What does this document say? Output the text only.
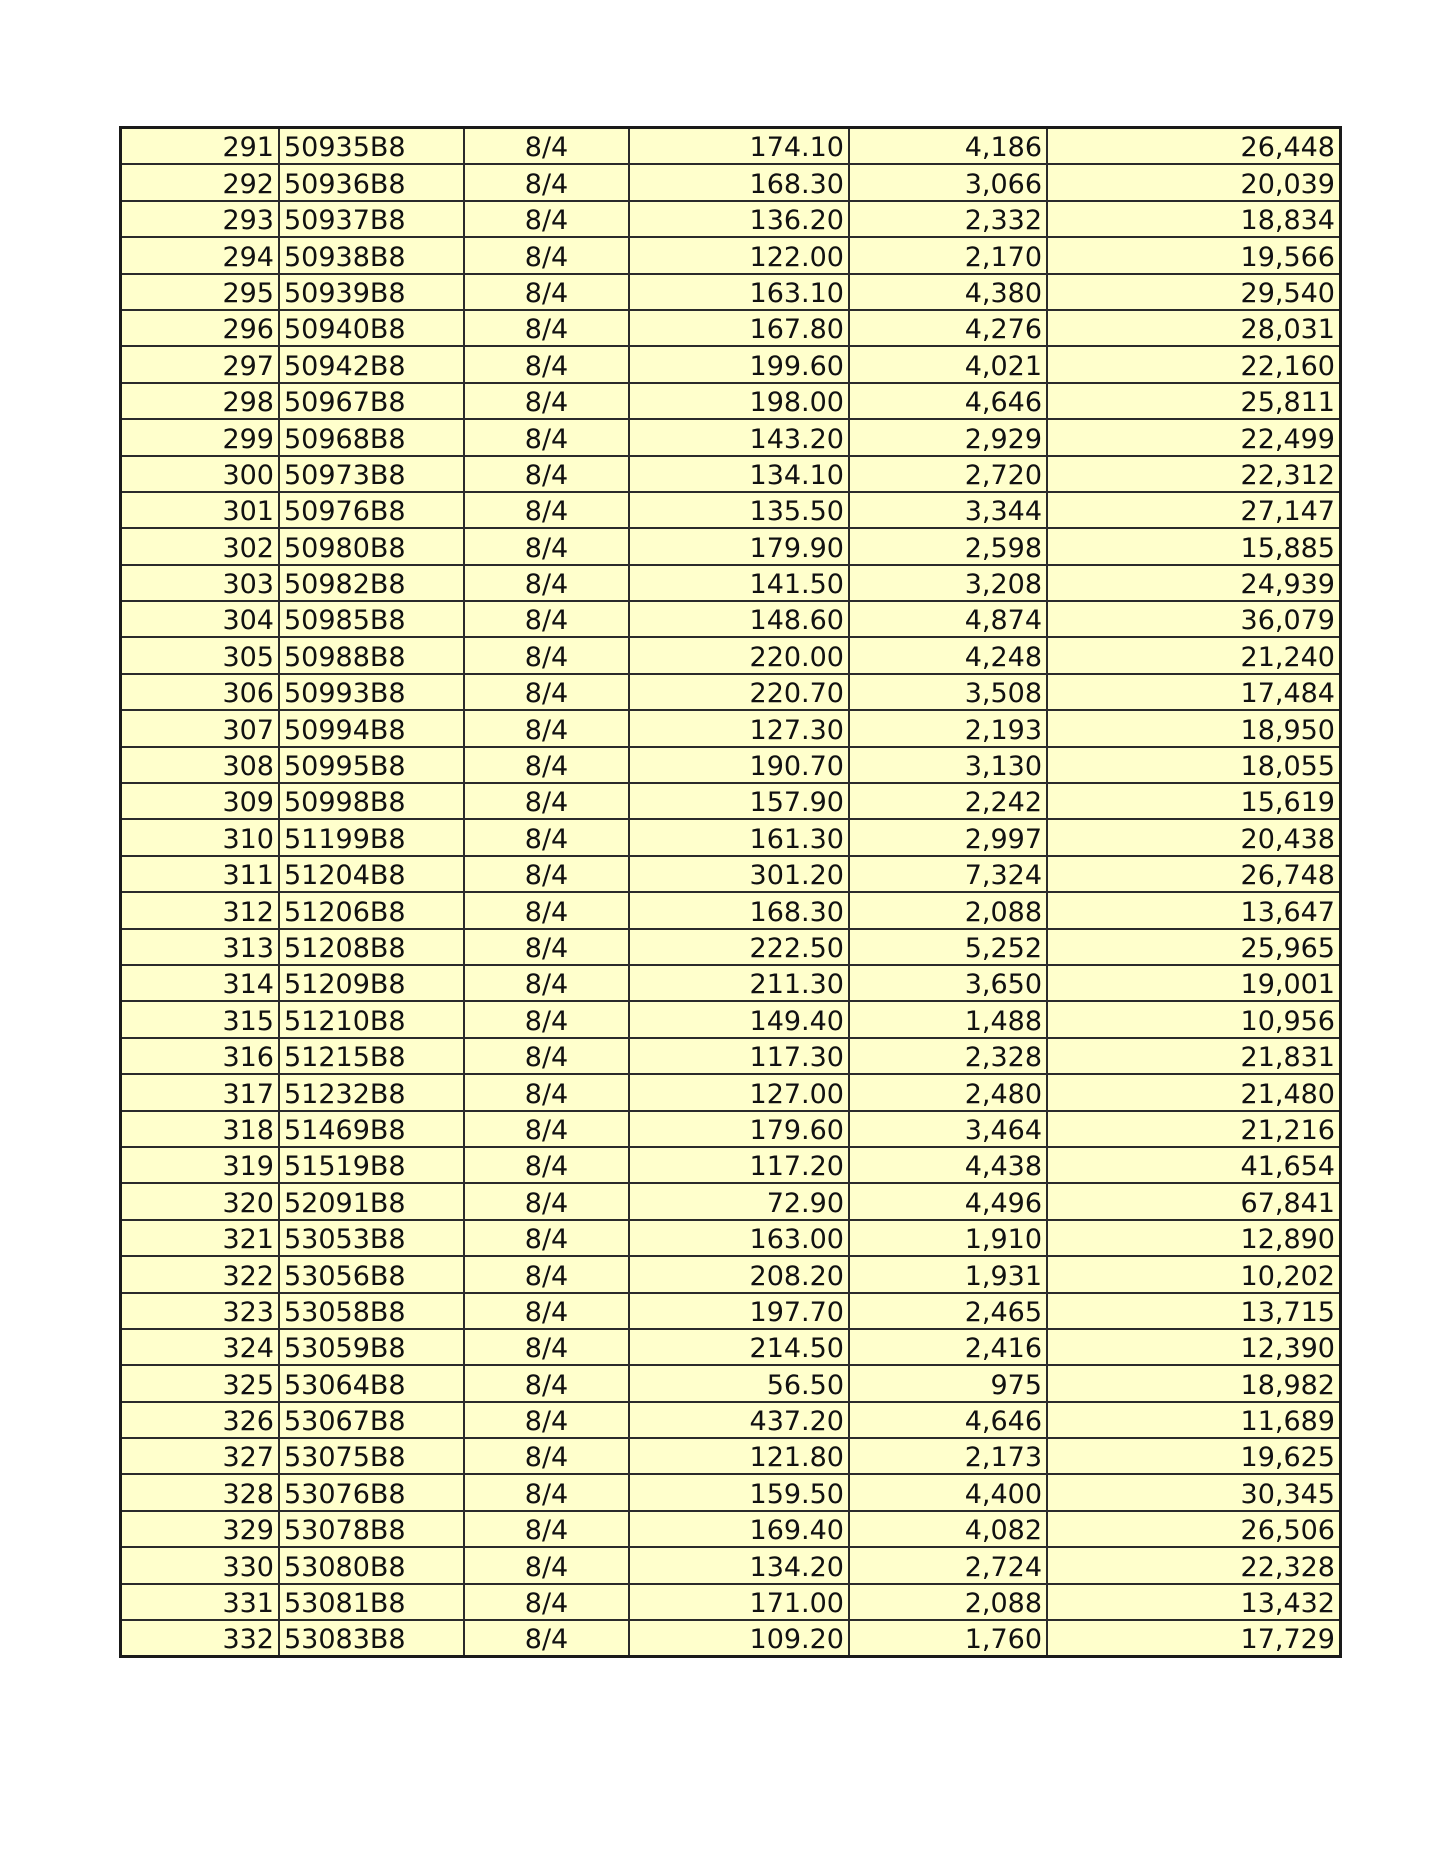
291	50935B8	8/4	174.10	4,186	26,448
292	50936B8	8/4	168.30	3,066	20,039
293	50937B8	8/4	136.20	2,332	18,834
294	50938B8	8/4	122.00	2,170	19,566
295	50939B8	8/4	163.10	4,380	29,540
296	50940B8	8/4	167.80	4,276	28,031
297	50942B8	8/4	199.60	4,021	22,160
298	50967B8	8/4	198.00	4,646	25,811
299	50968B8	8/4	143.20	2,929	22,499
300	50973B8	8/4	134.10	2,720	22,312
301	50976B8	8/4	135.50	3,344	27,147
302	50980B8	8/4	179.90	2,598	15,885
303	50982B8	8/4	141.50	3,208	24,939
304	50985B8	8/4	148.60	4,874	36,079
305	50988B8	8/4	220.00	4,248	21,240
306	50993B8	8/4	220.70	3,508	17,484
307	50994B8	8/4	127.30	2,193	18,950
308	50995B8	8/4	190.70	3,130	18,055
309	50998B8	8/4	157.90	2,242	15,619
310	51199B8	8/4	161.30	2,997	20,438
311	51204B8	8/4	301.20	7,324	26,748
312	51206B8	8/4	168.30	2,088	13,647
313	51208B8	8/4	222.50	5,252	25,965
314	51209B8	8/4	211.30	3,650	19,001
315	51210B8	8/4	149.40	1,488	10,956
316	51215B8	8/4	117.30	2,328	21,831
317	51232B8	8/4	127.00	2,480	21,480
318	51469B8	8/4	179.60	3,464	21,216
319	51519B8	8/4	117.20	4,438	41,654
320	52091B8	8/4	72.90	4,496	67,841
321	53053B8	8/4	163.00	1,910	12,890
322	53056B8	8/4	208.20	1,931	10,202
323	53058B8	8/4	197.70	2,465	13,715
324	53059B8	8/4	214.50	2,416	12,390
325	53064B8	8/4	56.50	975	18,982
326	53067B8	8/4	437.20	4,646	11,689
327	53075B8	8/4	121.80	2,173	19,625
328	53076B8	8/4	159.50	4,400	30,345
329	53078B8	8/4	169.40	4,082	26,506
330	53080B8	8/4	134.20	2,724	22,328
331	53081B8	8/4	171.00	2,088	13,432
332	53083B8	8/4	109.20	1,760	17,729
